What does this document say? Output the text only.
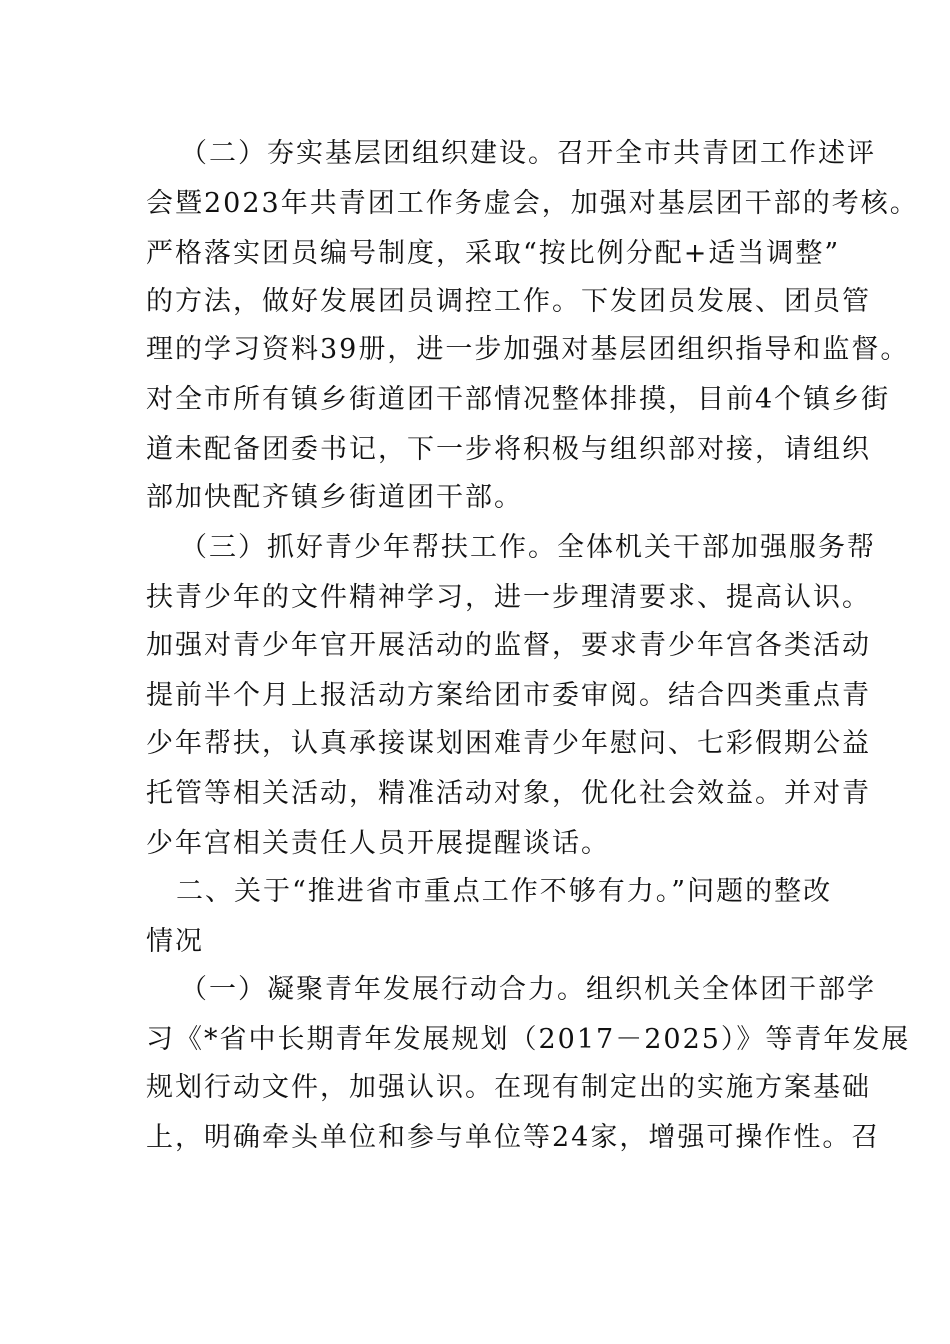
（二）夯实基层团组织建设。召开全市共青团工作述评
会暨2023年共青团工作务虚会，加强对基层团干部的考核。
严格落实团员编号制度，采取“按比例分配+适当调整”
的方法，做好发展团员调控工作。下发团员发展、团员管
理的学习资料39册，进一步加强对基层团组织指导和监督。
对全市所有镇乡街道团干部情况整体排摸，目前4个镇乡街
道未配备团委书记，下一步将积极与组织部对接，请组织
部加快配齐镇乡街道团干部。
（三）抓好青少年帮扶工作。全体机关干部加强服务帮
扶青少年的文件精神学习，进一步理清要求、提高认识。
加强对青少年官开展活动的监督，要求青少年宫各类活动
提前半个月上报活动方案给团市委审阅。结合四类重点青
少年帮扶，认真承接谋划困难青少年慰问、七彩假期公益
托管等相关活动，精准活动对象，优化社会效益。并对青
少年宫相关责任人员开展提醒谈话。
二、关于“推进省市重点工作不够有力。”问题的整改
情况
（一）凝聚青年发展行动合力。组织机关全体团干部学
习《*省中长期青年发展规划（2017－2025）》等青年发展
规划行动文件，加强认识。在现有制定出的实施方案基础
上，明确牵头单位和参与单位等24家，增强可操作性。召
